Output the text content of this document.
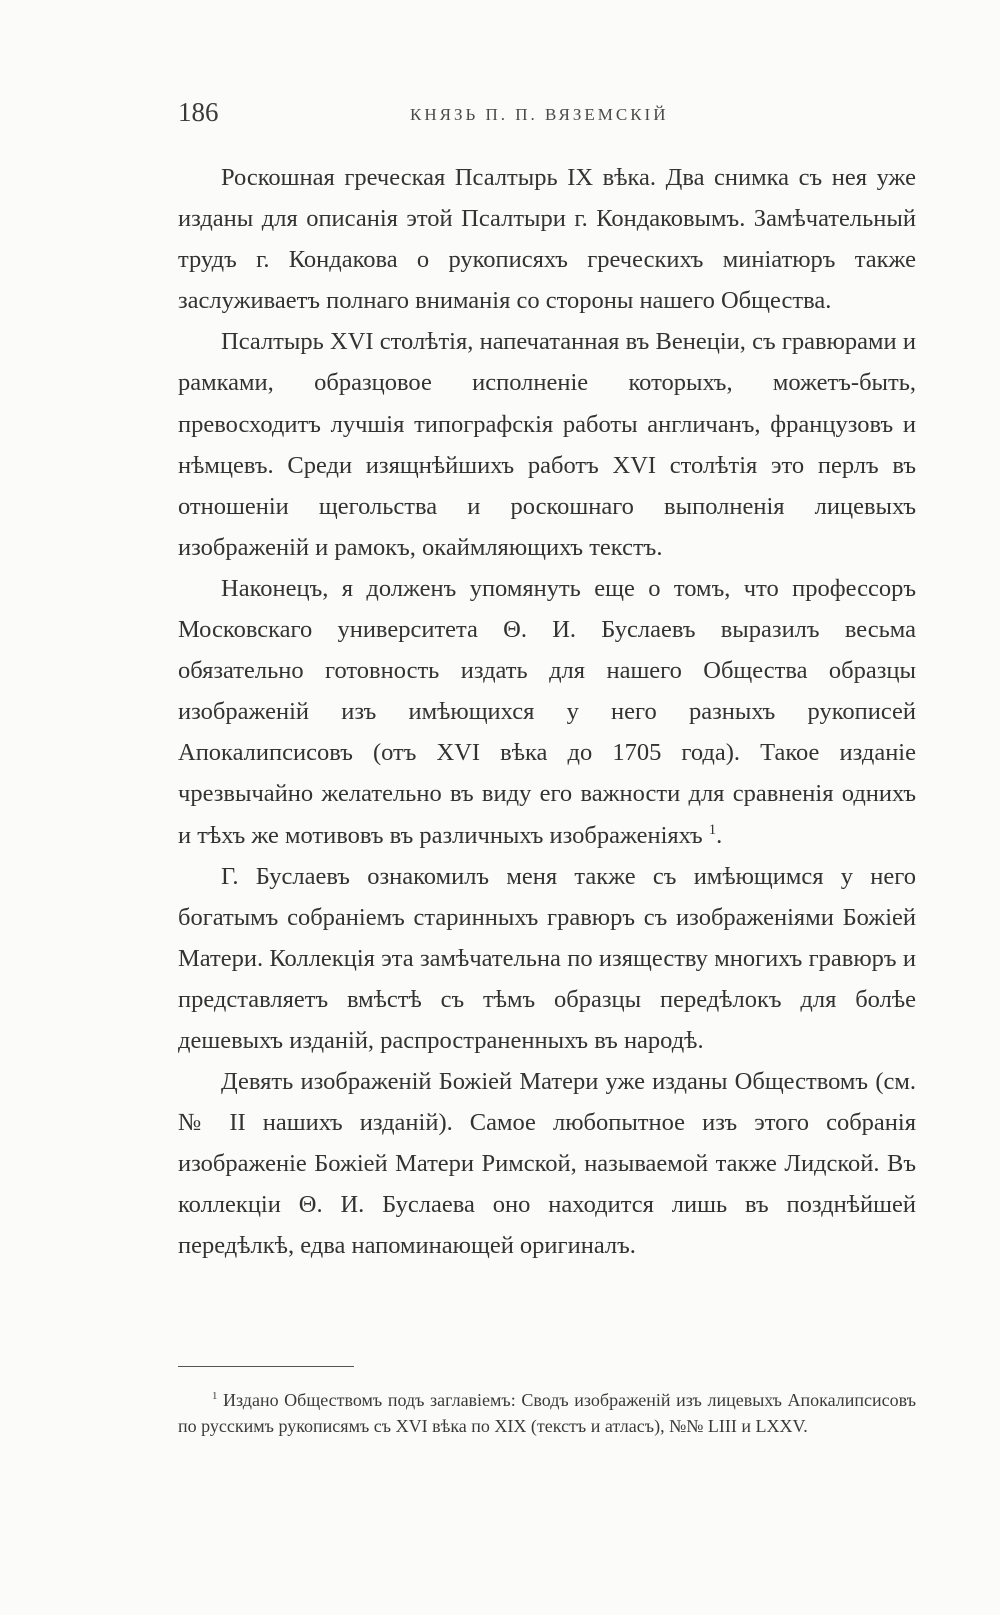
186	КНЯЗЬ П. П. ВЯЗЕМСКІЙ

Роскошная греческая Псалтырь IX вѣка. Два снимка съ нея уже изданы для описанія этой Псалтыри г. Кондаковымъ. Замѣчательный трудъ г. Кондакова о рукописяхъ греческихъ миніатюръ также заслуживаетъ полнаго вниманія со стороны нашего Общества.

Псалтырь XVI столѣтія, напечатанная въ Венеціи, съ гравюрами и рамками, образцовое исполненіе которыхъ, можетъ-быть, превосходитъ лучшія типографскія работы англичанъ, французовъ и нѣмцевъ. Среди изящнѣйшихъ работъ XVI столѣтія это перлъ въ отношеніи щегольства и роскошнаго выполненія лицевыхъ изображеній и рамокъ, окаймляющихъ текстъ.

Наконецъ, я долженъ упомянуть еще о томъ, что профессоръ Московскаго университета Θ. И. Буслаевъ выразилъ весьма обязательно готовность издать для нашего Общества образцы изображеній изъ имѣющихся у него разныхъ рукописей Апокалипсисовъ (отъ XVI вѣка до 1705 года). Такое изданіе чрезвычайно желательно въ виду его важности для сравненія однихъ и тѣхъ же мотивовъ въ различныхъ изображеніяхъ $^1$.

Г. Буслаевъ ознакомилъ меня также съ имѣющимся у него богатымъ собраніемъ старинныхъ гравюръ съ изображеніями Божіей Матери. Коллекція эта замѣчательна по изяществу многихъ гравюръ и представляетъ вмѣстѣ съ тѣмъ образцы передѣлокъ для болѣе дешевыхъ изданій, распространенныхъ въ народѣ.

Девять изображеній Божіей Матери уже изданы Обществомъ (см. № II нашихъ изданій). Самое любопытное изъ этого собранія изображеніе Божіей Матери Римской, называемой также Лидской. Въ коллекціи Θ. И. Буслаева оно находится лишь въ позднѣйшей передѣлкѣ, едва напоминающей оригиналъ.

$^1$ Издано Обществомъ подъ заглавіемъ: Сводъ изображеній изъ лицевыхъ Апокалипсисовъ по русскимъ рукописямъ съ XVI вѣка по XIX (текстъ и атласъ), №№ LIII и LXXV.
